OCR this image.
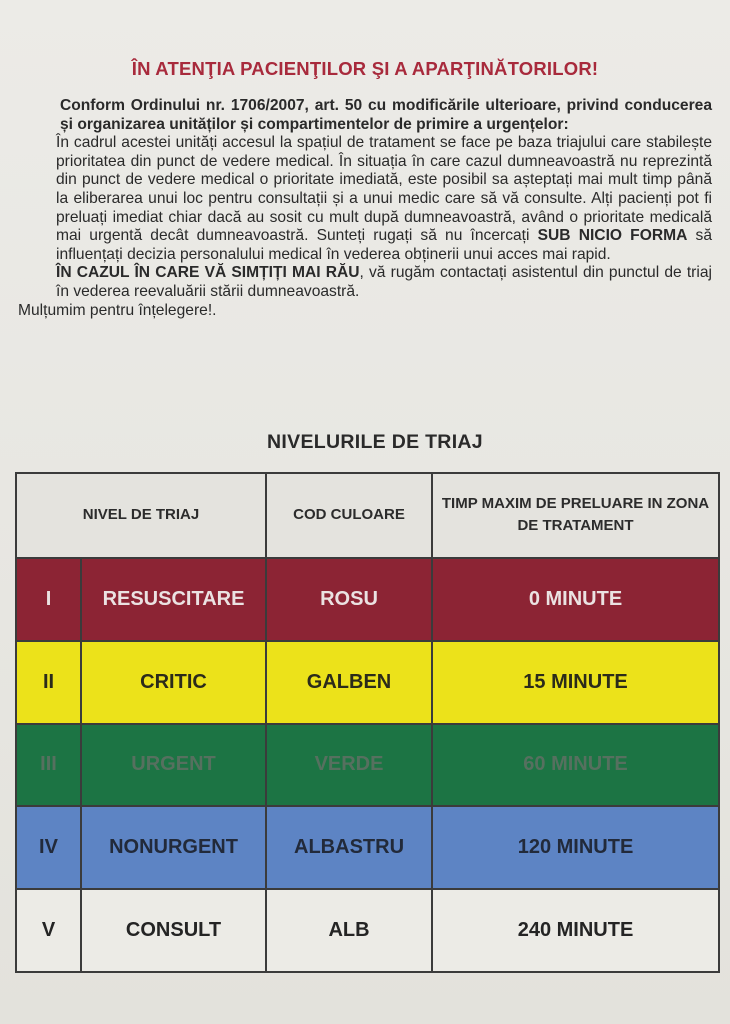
ÎN ATENŢIA PACIENŢILOR ŞI A APARŢINĂTORILOR!

Conform Ordinului nr. 1706/2007, art. 50 cu modificările ulterioare, privind conducerea și organizarea unităților și compartimentelor de primire a urgențelor:

În cadrul acestei unități accesul la spațiul de tratament se face pe baza triajului care stabilește prioritatea din punct de vedere medical. În situația în care cazul dumneavoastră nu reprezintă din punct de vedere medical o prioritate imediată, este posibil sa așteptați mai mult timp până la eliberarea unui loc pentru consultații și a unui medic care să vă consulte. Alți pacienți pot fi preluați imediat chiar dacă au sosit cu mult după dumneavoastră, având o prioritate medicală mai urgentă decât dumneavoastră. Sunteți rugați să nu încercați SUB NICIO FORMA să influențați decizia personalului medical în vederea obținerii unui acces mai rapid.

ÎN CAZUL ÎN CARE VĂ SIMȚIȚI MAI RĂU, vă rugăm contactați asistentul din punctul de triaj în vederea reevaluării stării dumneavoastră.

Mulțumim pentru înțelegere!.

NIVELURILE DE TRIAJ
NIVEL DE TRIAJ		COD CULOARE	TIMP MAXIM DE PRELUARE IN ZONA DE TRATAMENT
I	RESUSCITARE	ROSU	0 MINUTE
II	CRITIC	GALBEN	15 MINUTE
III	URGENT	VERDE	60 MINUTE
IV	NONURGENT	ALBASTRU	120 MINUTE
V	CONSULT	ALB	240 MINUTE
